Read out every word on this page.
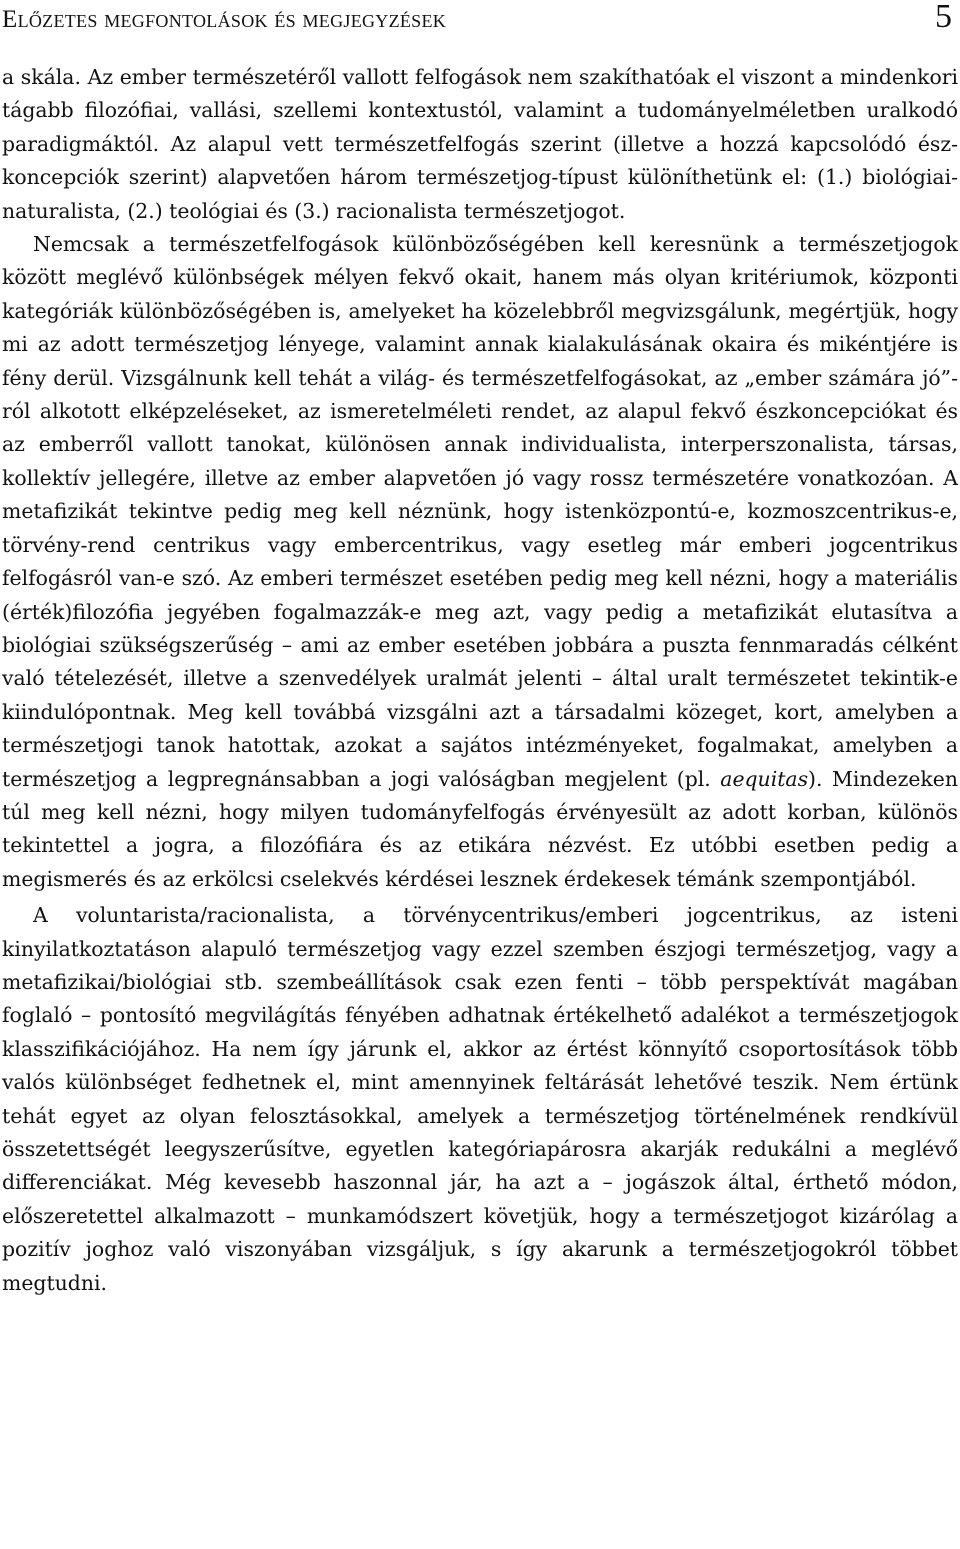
Előzetes megfontolások és megjegyzések	5

a skála. Az ember természetéről vallott felfogások nem szakíthatóak el viszont a mindenkori tágabb filozófiai, vallási, szellemi kontextustól, valamint a tudományelméletben uralkodó paradigmáktól. Az alapul vett természetfelfogás szerint (illetve a hozzá kapcsolódó ész-koncepciók szerint) alapvetően három természetjog-típust különíthetünk el: (1.) biológiai-naturalista, (2.) teológiai és (3.) racionalista természetjogot.

Nemcsak a természetfelfogások különbözőségében kell keresnünk a természetjogok között meglévő különbségek mélyen fekvő okait, hanem más olyan kritériumok, központi kategóriák különbözőségében is, amelyeket ha közelebbről megvizsgálunk, megértjük, hogy mi az adott természetjog lényege, valamint annak kialakulásának okaira és mikéntjére is fény derül. Vizsgálnunk kell tehát a világ- és természetfelfogásokat, az „ember számára jó”-ról alkotott elképzeléseket, az ismeretelméleti rendet, az alapul fekvő észkoncepciókat és az emberről vallott tanokat, különösen annak individualista, interperszonalista, társas, kollektív jellegére, illetve az ember alapvetően jó vagy rossz természetére vonatkozóan. A metafizikát tekintve pedig meg kell néznünk, hogy istenközpontú-e, kozmoszcentrikus-e, törvény-rend centrikus vagy embercentrikus, vagy esetleg már emberi jogcentrikus felfogásról van-e szó. Az emberi természet esetében pedig meg kell nézni, hogy a materiális (érték)filozófia jegyében fogalmazzák-e meg azt, vagy pedig a metafizikát elutasítva a biológiai szükségszerűség – ami az ember esetében jobbára a puszta fennmaradás célként való tételezését, illetve a szenvedélyek uralmát jelenti – által uralt természetet tekintik-e kiindulópontnak. Meg kell továbbá vizsgálni azt a társadalmi közeget, kort, amelyben a természetjogi tanok hatottak, azokat a sajátos intézményeket, fogalmakat, amelyben a természetjog a legpregnánsabban a jogi valóságban megjelent (pl. aequitas). Mindezeken túl meg kell nézni, hogy milyen tudományfelfogás érvényesült az adott korban, különös tekintettel a jogra, a filozófiára és az etikára nézvést. Ez utóbbi esetben pedig a megismerés és az erkölcsi cselekvés kérdései lesznek érdekesek témánk szempontjából.

A voluntarista/racionalista, a törvénycentrikus/emberi jogcentrikus, az isteni kinyilatkoztatáson alapuló természetjog vagy ezzel szemben észjogi természetjog, vagy a metafizikai/biológiai stb. szembeállítások csak ezen fenti – több perspektívát magában foglaló – pontosító megvilágítás fényében adhatnak értékelhető adalékot a természetjogok klasszifikációjához. Ha nem így járunk el, akkor az értést könnyítő csoportosítások több valós különbséget fedhetnek el, mint amennyinek feltárását lehetővé teszik. Nem értünk tehát egyet az olyan felosztásokkal, amelyek a természetjog történelmének rendkívül összetettségét leegyszerűsítve, egyetlen kategóriapárosra akarják redukálni a meglévő differenciákat. Még kevesebb haszonnal jár, ha azt a – jogászok által, érthető módon, előszeretettel alkalmazott – munkamódszert követjük, hogy a természetjogot kizárólag a pozitív joghoz való viszonyában vizsgáljuk, s így akarunk a természetjogokról többet megtudni.
